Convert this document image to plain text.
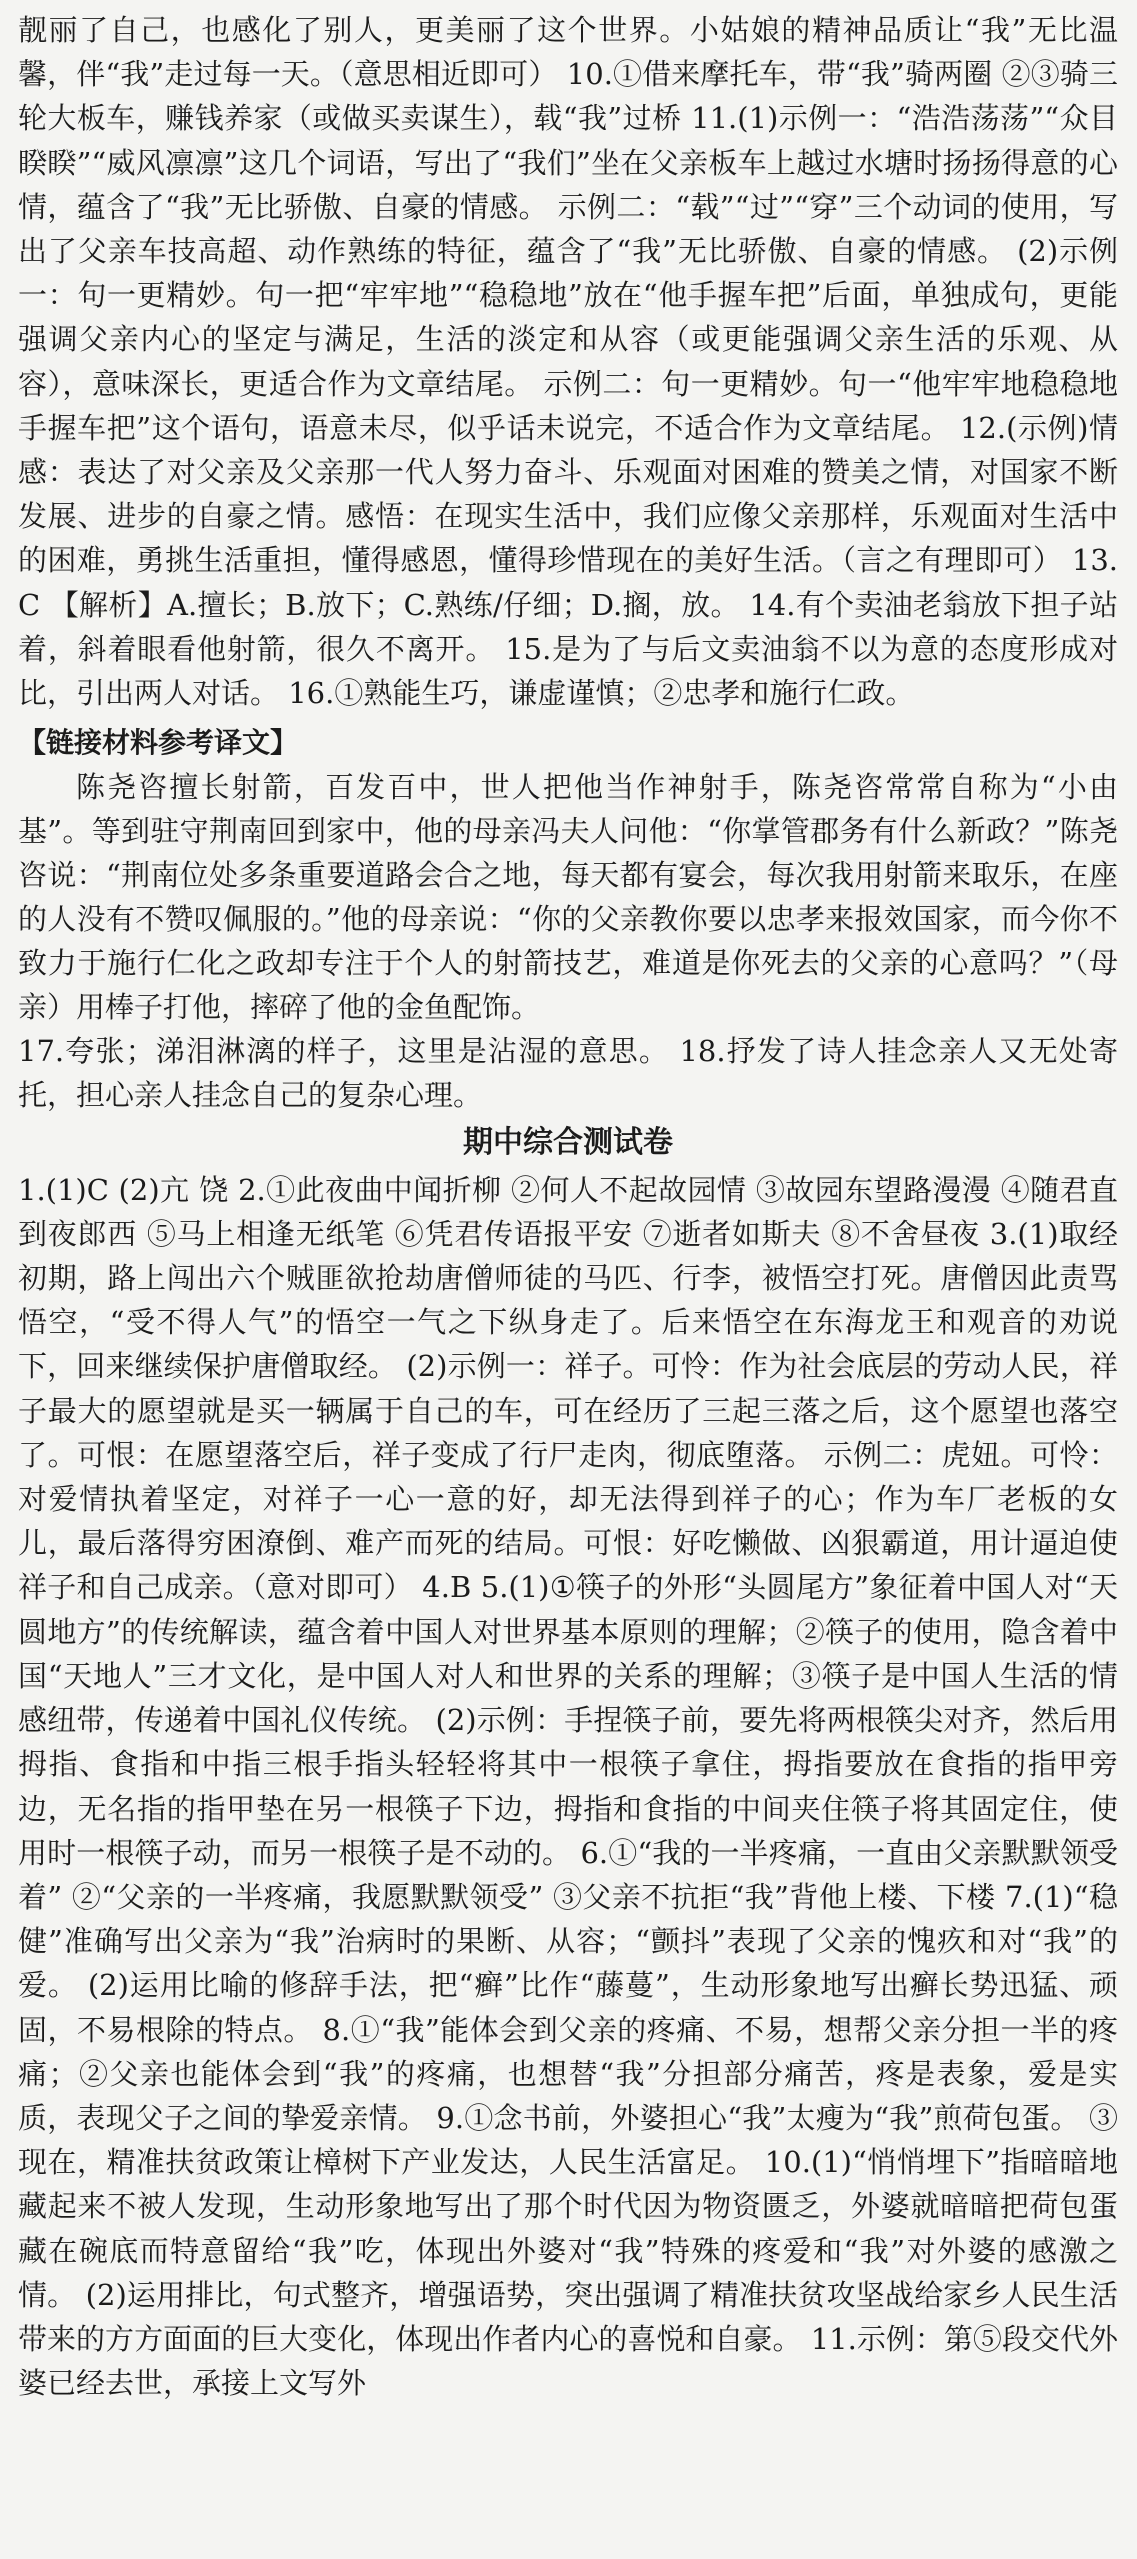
靓丽了自己，也感化了别人，更美丽了这个世界。小姑娘的精神品质让“我”无比温馨，伴“我”走过每一天。（意思相近即可） 10.①借来摩托车，带“我”骑两圈 ②③骑三轮大板车，赚钱养家（或做买卖谋生），载“我”过桥 11.(1)示例一：“浩浩荡荡”“众目睽睽”“威风凛凛”这几个词语，写出了“我们”坐在父亲板车上越过水塘时扬扬得意的心情，蕴含了“我”无比骄傲、自豪的情感。 示例二：“载”“过”“穿”三个动词的使用，写出了父亲车技高超、动作熟练的特征，蕴含了“我”无比骄傲、自豪的情感。 (2)示例一：句一更精妙。句一把“牢牢地”“稳稳地”放在“他手握车把”后面，单独成句，更能强调父亲内心的坚定与满足，生活的淡定和从容（或更能强调父亲生活的乐观、从容），意味深长，更适合作为文章结尾。 示例二：句一更精妙。句一“他牢牢地稳稳地手握车把”这个语句，语意未尽，似乎话未说完，不适合作为文章结尾。 12.(示例)情感：表达了对父亲及父亲那一代人努力奋斗、乐观面对困难的赞美之情，对国家不断发展、进步的自豪之情。感悟：在现实生活中，我们应像父亲那样，乐观面对生活中的困难，勇挑生活重担，懂得感恩，懂得珍惜现在的美好生活。（言之有理即可） 13.C 【解析】A.擅长；B.放下；C.熟练/仔细；D.搁，放。 14.有个卖油老翁放下担子站着，斜着眼看他射箭，很久不离开。 15.是为了与后文卖油翁不以为意的态度形成对比，引出两人对话。 16.①熟能生巧，谦虚谨慎；②忠孝和施行仁政。

【链接材料参考译文】

陈尧咨擅长射箭，百发百中，世人把他当作神射手，陈尧咨常常自称为“小由基”。等到驻守荆南回到家中，他的母亲冯夫人问他：“你掌管郡务有什么新政？”陈尧咨说：“荆南位处多条重要道路会合之地，每天都有宴会，每次我用射箭来取乐，在座的人没有不赞叹佩服的。”他的母亲说：“你的父亲教你要以忠孝来报效国家，而今你不致力于施行仁化之政却专注于个人的射箭技艺，难道是你死去的父亲的心意吗？”（母亲）用棒子打他，摔碎了他的金鱼配饰。

17.夸张；涕泪淋漓的样子，这里是沾湿的意思。 18.抒发了诗人挂念亲人又无处寄托，担心亲人挂念自己的复杂心理。

期中综合测试卷

1.(1)C (2)亢 饶 2.①此夜曲中闻折柳 ②何人不起故园情 ③故园东望路漫漫 ④随君直到夜郎西 ⑤马上相逢无纸笔 ⑥凭君传语报平安 ⑦逝者如斯夫 ⑧不舍昼夜 3.(1)取经初期，路上闯出六个贼匪欲抢劫唐僧师徒的马匹、行李，被悟空打死。唐僧因此责骂悟空，“受不得人气”的悟空一气之下纵身走了。后来悟空在东海龙王和观音的劝说下，回来继续保护唐僧取经。 (2)示例一：祥子。可怜：作为社会底层的劳动人民，祥子最大的愿望就是买一辆属于自己的车，可在经历了三起三落之后，这个愿望也落空了。可恨：在愿望落空后，祥子变成了行尸走肉，彻底堕落。 示例二：虎妞。可怜：对爱情执着坚定，对祥子一心一意的好，却无法得到祥子的心；作为车厂老板的女儿，最后落得穷困潦倒、难产而死的结局。可恨：好吃懒做、凶狠霸道，用计逼迫使祥子和自己成亲。（意对即可） 4.B 5.(1)①筷子的外形“头圆尾方”象征着中国人对“天圆地方”的传统解读，蕴含着中国人对世界基本原则的理解；②筷子的使用，隐含着中国“天地人”三才文化，是中国人对人和世界的关系的理解；③筷子是中国人生活的情感纽带，传递着中国礼仪传统。 (2)示例：手捏筷子前，要先将两根筷尖对齐，然后用拇指、食指和中指三根手指头轻轻将其中一根筷子拿住，拇指要放在食指的指甲旁边，无名指的指甲垫在另一根筷子下边，拇指和食指的中间夹住筷子将其固定住，使用时一根筷子动，而另一根筷子是不动的。 6.①“我的一半疼痛，一直由父亲默默领受着” ②“父亲的一半疼痛，我愿默默领受” ③父亲不抗拒“我”背他上楼、下楼 7.(1)“稳健”准确写出父亲为“我”治病时的果断、从容；“颤抖”表现了父亲的愧疚和对“我”的爱。 (2)运用比喻的修辞手法，把“癣”比作“藤蔓”，生动形象地写出癣长势迅猛、顽固，不易根除的特点。 8.①“我”能体会到父亲的疼痛、不易，想帮父亲分担一半的疼痛；②父亲也能体会到“我”的疼痛，也想替“我”分担部分痛苦，疼是表象，爱是实质，表现父子之间的挚爱亲情。 9.①念书前，外婆担心“我”太瘦为“我”煎荷包蛋。 ③现在，精准扶贫政策让樟树下产业发达，人民生活富足。 10.(1)“悄悄埋下”指暗暗地藏起来不被人发现，生动形象地写出了那个时代因为物资匮乏，外婆就暗暗把荷包蛋藏在碗底而特意留给“我”吃，体现出外婆对“我”特殊的疼爱和“我”对外婆的感激之情。 (2)运用排比，句式整齐，增强语势，突出强调了精准扶贫攻坚战给家乡人民生活带来的方方面面的巨大变化，体现出作者内心的喜悦和自豪。 11.示例：第⑤段交代外婆已经去世，承接上文写外
